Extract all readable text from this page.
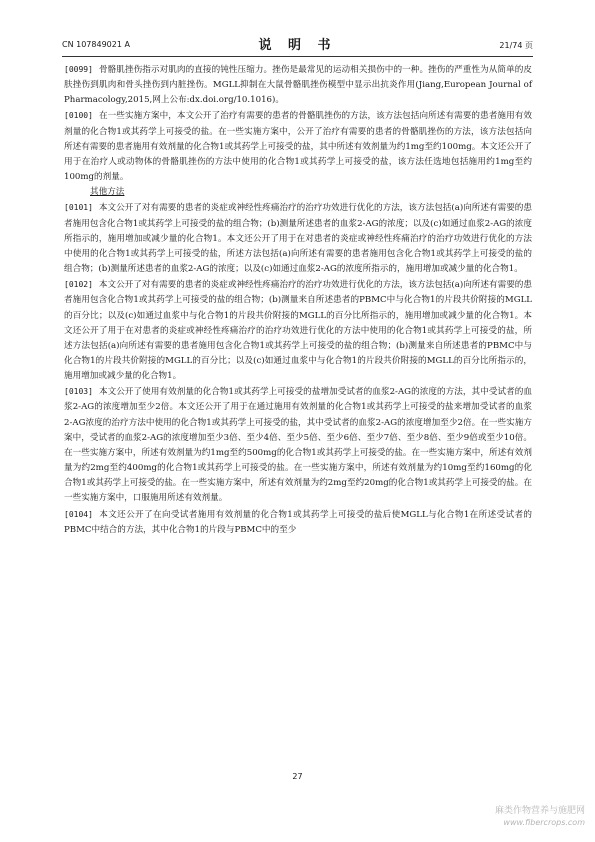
CN 107849021 A	说 明 书	21/74 页

[0099] 骨骼肌挫伤指示对肌肉的直接的钝性压缩力。挫伤是最常见的运动相关损伤中的一种。挫伤的严重性为从简单的皮肤挫伤到肌肉和骨头挫伤到内脏挫伤。MGLL抑制在大鼠骨骼肌挫伤模型中显示出抗炎作用(Jiang,European Journal of Pharmacology,2015,网上公布:dx.doi.org/10.1016)。

[0100] 在一些实施方案中，本文公开了治疗有需要的患者的骨骼肌挫伤的方法，该方法包括向所述有需要的患者施用有效剂量的化合物1或其药学上可接受的盐。在一些实施方案中，公开了治疗有需要的患者的骨骼肌挫伤的方法，该方法包括向所述有需要的患者施用有效剂量的化合物1或其药学上可接受的盐，其中所述有效剂量为约1mg至约100mg。本文还公开了用于在治疗人或动物体的骨骼肌挫伤的方法中使用的化合物1或其药学上可接受的盐，该方法任选地包括施用约1mg至约100mg的剂量。

其他方法

[0101] 本文公开了对有需要的患者的炎症或神经性疼痛治疗的治疗功效进行优化的方法，该方法包括(a)向所述有需要的患者施用包含化合物1或其药学上可接受的盐的组合物；(b)测量所述患者的血浆2-AG的浓度；以及(c)如通过血浆2-AG的浓度所指示的，施用增加或减少量的化合物1。本文还公开了用于在对患者的炎症或神经性疼痛治疗的治疗功效进行优化的方法中使用的化合物1或其药学上可接受的盐，所述方法包括(a)向所述有需要的患者施用包含化合物1或其药学上可接受的盐的组合物；(b)测量所述患者的血浆2-AG的浓度；以及(c)如通过血浆2-AG的浓度所指示的，施用增加或减少量的化合物1。

[0102] 本文公开了对有需要的患者的炎症或神经性疼痛治疗的治疗功效进行优化的方法，该方法包括(a)向所述有需要的患者施用包含化合物1或其药学上可接受的盐的组合物；(b)测量来自所述患者的PBMC中与化合物1的片段共价附接的MGLL的百分比；以及(c)如通过血浆中与化合物1的片段共价附接的MGLL的百分比所指示的，施用增加或减少量的化合物1。本文还公开了用于在对患者的炎症或神经性疼痛治疗的治疗功效进行优化的方法中使用的化合物1或其药学上可接受的盐，所述方法包括(a)向所述有需要的患者施用包含化合物1或其药学上可接受的盐的组合物；(b)测量来自所述患者的PBMC中与化合物1的片段共价附接的MGLL的百分比；以及(c)如通过血浆中与化合物1的片段共价附接的MGLL的百分比所指示的，施用增加或减少量的化合物1。

[0103] 本文公开了使用有效剂量的化合物1或其药学上可接受的盐增加受试者的血浆2-AG的浓度的方法，其中受试者的血浆2-AG的浓度增加至少2倍。本文还公开了用于在通过施用有效剂量的化合物1或其药学上可接受的盐来增加受试者的血浆2-AG浓度的治疗方法中使用的化合物1或其药学上可接受的盐，其中受试者的血浆2-AG的浓度增加至少2倍。在一些实施方案中，受试者的血浆2-AG的浓度增加至少3倍、至少4倍、至少5倍、至少6倍、至少7倍、至少8倍、至少9倍或至少10倍。在一些实施方案中，所述有效剂量为约1mg至约500mg的化合物1或其药学上可接受的盐。在一些实施方案中，所述有效剂量为约2mg至约400mg的化合物1或其药学上可接受的盐。在一些实施方案中，所述有效剂量为约10mg至约160mg的化合物1或其药学上可接受的盐。在一些实施方案中，所述有效剂量为约2mg至约20mg的化合物1或其药学上可接受的盐。在一些实施方案中，口服施用所述有效剂量。

[0104] 本文还公开了在向受试者施用有效剂量的化合物1或其药学上可接受的盐后使MGLL与化合物1在所述受试者的PBMC中结合的方法，其中化合物1的片段与PBMC中的至少

27
麻类作物营养与施肥网
www.fibercrops.com
